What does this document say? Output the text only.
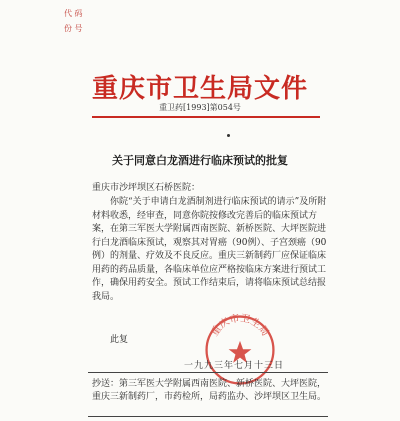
代 码
份 号
重庆市卫生局文件
重卫药[1993]第054号
关于同意白龙酒进行临床预试的批复
重庆市沙坪坝区石桥医院：

　　你院“关于申请白龙酒制剂进行临床预试的请示”及所附材料收悉，经审查，同意你院按修改完善后的临床预试方案，在第三军医大学附属西南医院、新桥医院、大坪医院进行白龙酒临床预试，观察其对胃癌（90例）、子宫颈癌（90例）的剂量、疗效及不良反应。重庆三新制药厂应保证临床用药的药品质量，各临床单位应严格按临床方案进行预试工作，确保用药安全。预试工作结束后，请将临床预试总结报我局。

此复
重庆市卫生局
一九九三年七月十三日
抄送：第三军医大学附属西南医院、新桥医院、大坪医院，重庆三新制药厂，市药检所，局药监办、沙坪坝区卫生局。
